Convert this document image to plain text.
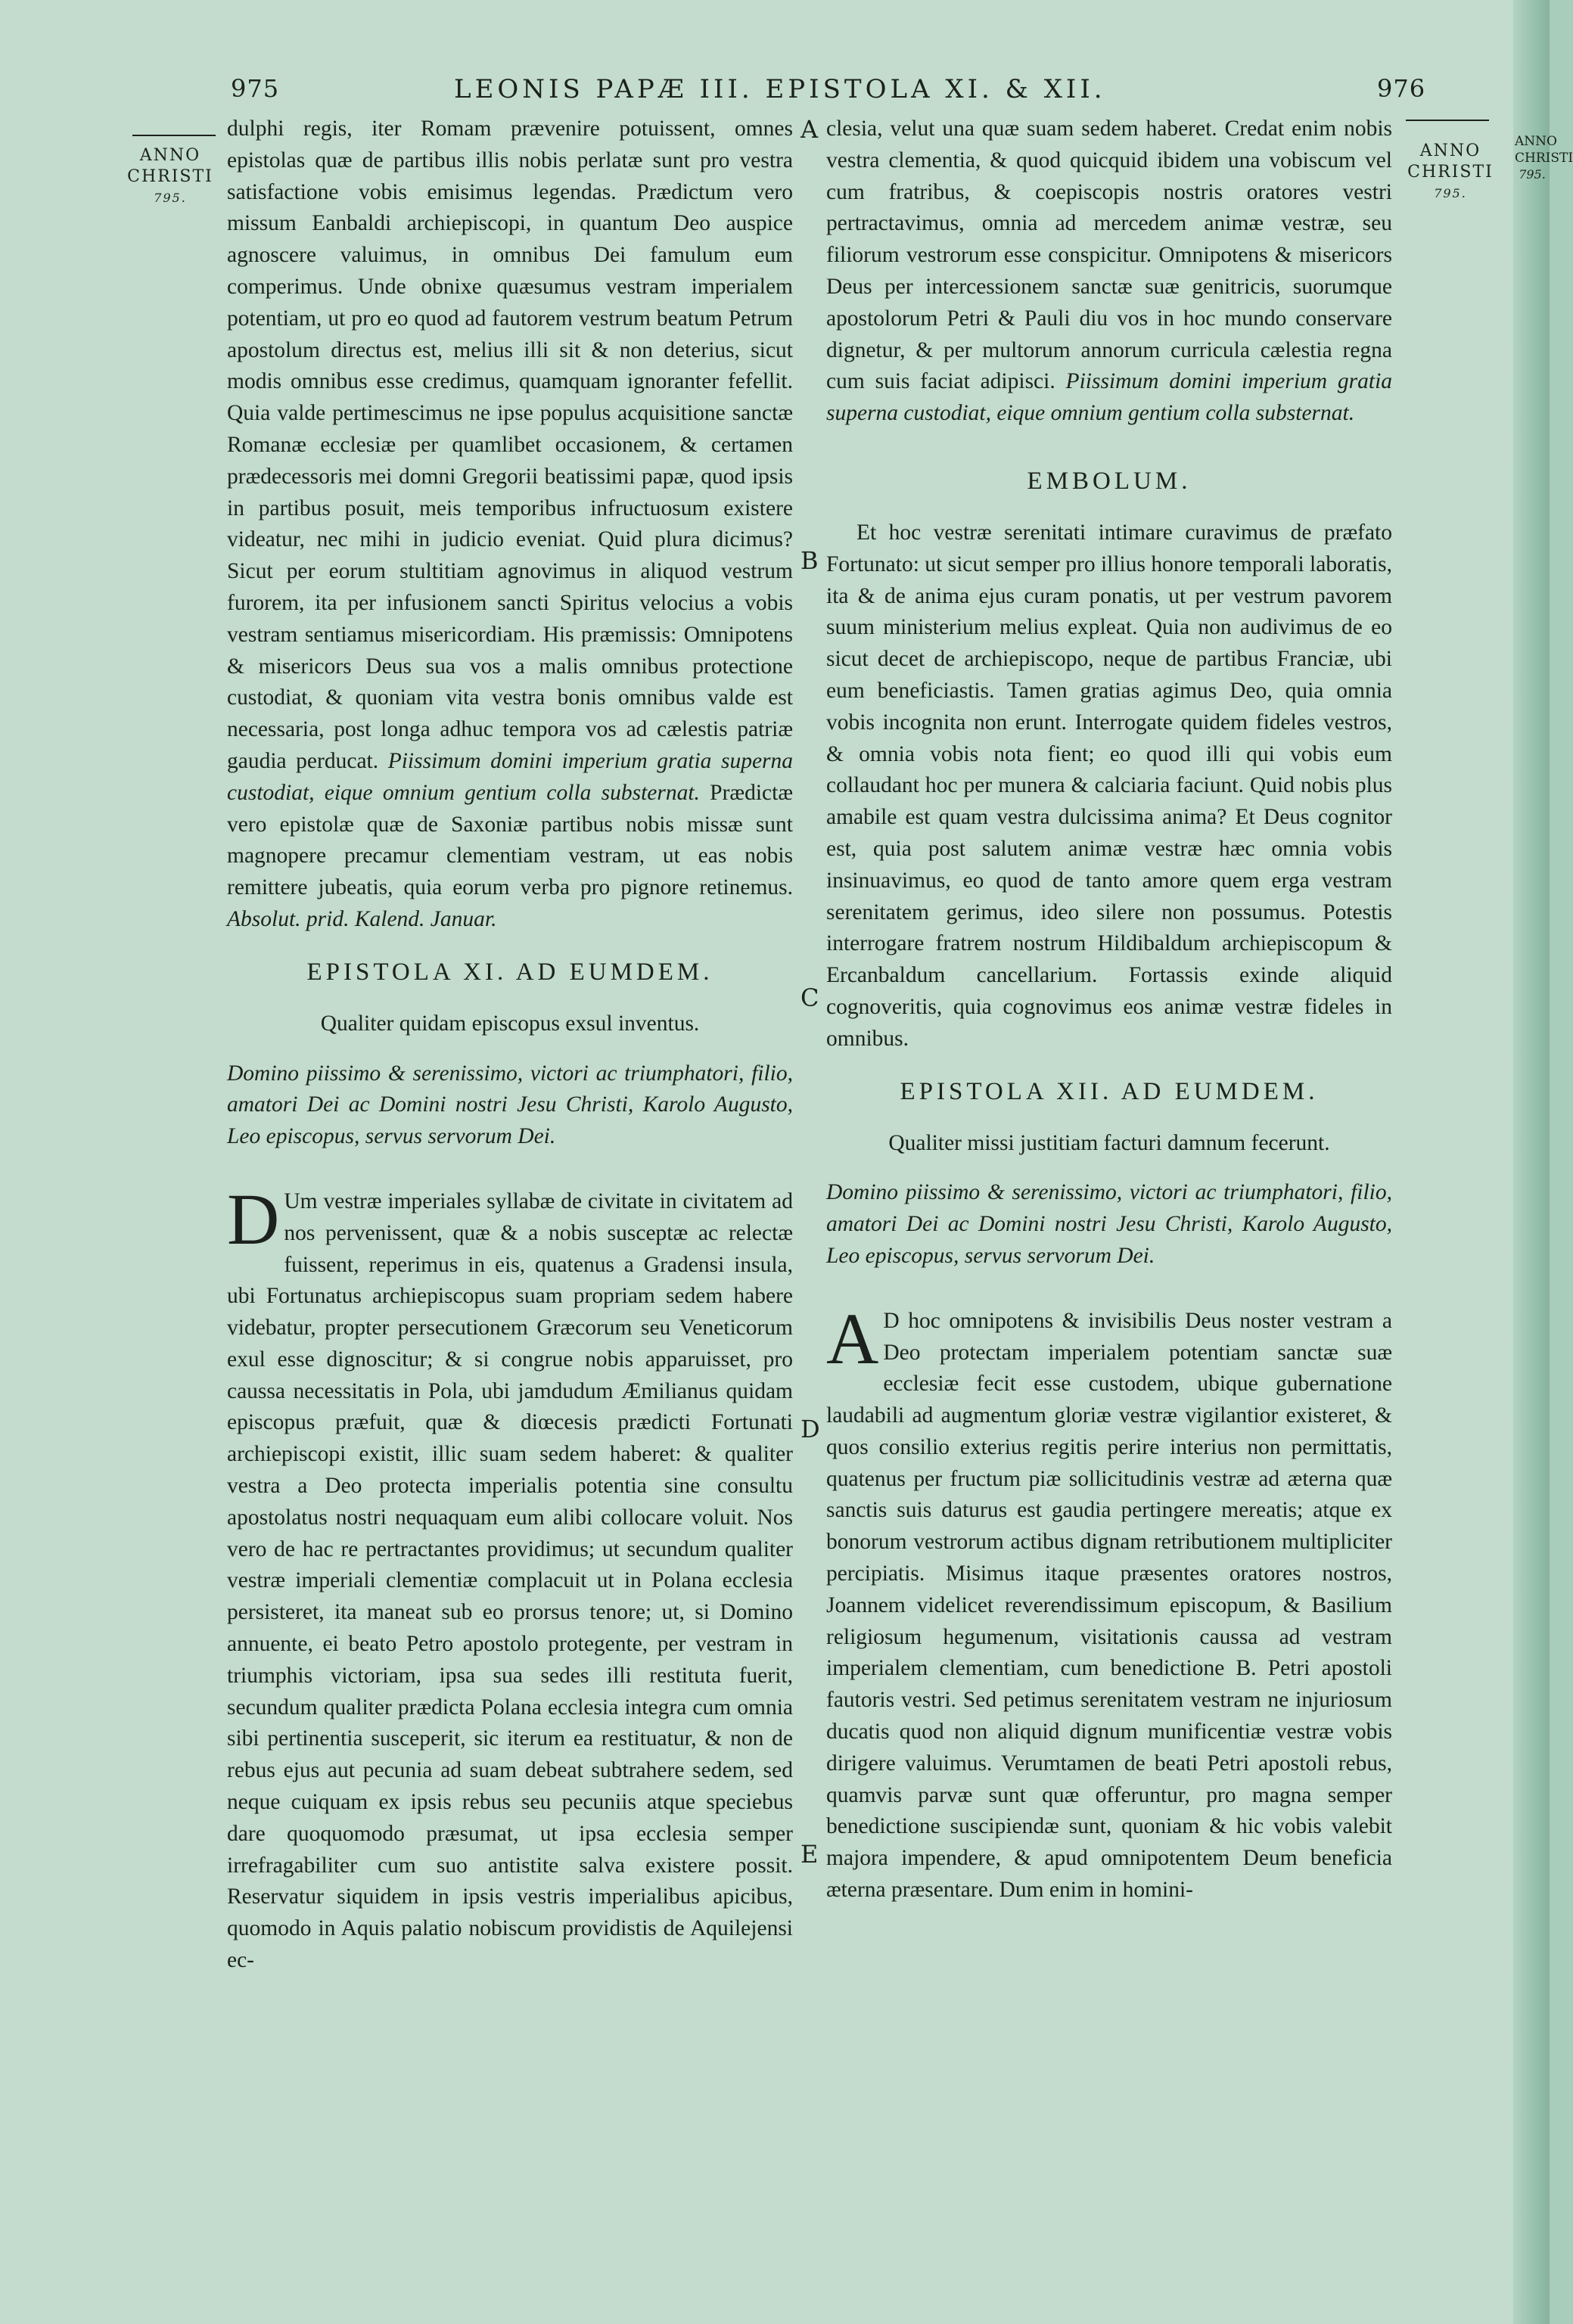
ANNO
CHRISTI
795.
975	LEONIS PAPÆ III. EPISTOLA XI. & XII.	976
ANNO
CHRISTI
795.
ANNO
CHRISTI
795.
A
B
C
D
E

dulphi regis, iter Romam prævenire potuissent, omnes epistolas quæ de partibus illis nobis perlatæ sunt pro vestra satisfactione vobis emisimus legendas. Prædictum vero missum Eanbaldi archiepiscopi, in quantum Deo auspice agnoscere valuimus, in omnibus Dei famulum eum comperimus. Unde obnixe quæsumus vestram imperialem potentiam, ut pro eo quod ad fautorem vestrum beatum Petrum apostolum directus est, melius illi sit & non deterius, sicut modis omnibus esse credimus, quamquam ignoranter fefellit. Quia valde pertimescimus ne ipse populus acquisitione sanctæ Romanæ ecclesiæ per quamlibet occasionem, & certamen prædecessoris mei domni Gregorii beatissimi papæ, quod ipsis in partibus posuit, meis temporibus infructuosum existere videatur, nec mihi in judicio eveniat. Quid plura dicimus? Sicut per eorum stultitiam agnovimus in aliquod vestrum furorem, ita per infusionem sancti Spiritus velocius a vobis vestram sentiamus misericordiam. His præmissis: Omnipotens & misericors Deus sua vos a malis omnibus protectione custodiat, & quoniam vita vestra bonis omnibus valde est necessaria, post longa adhuc tempora vos ad cælestis patriæ gaudia perducat. Piissimum domini imperium gratia superna custodiat, eique omnium gentium colla substernat. Prædictæ vero epistolæ quæ de Saxoniæ partibus nobis missæ sunt magnopere precamur clementiam vestram, ut eas nobis remittere jubeatis, quia eorum verba pro pignore retinemus. Absolut. prid. Kalend. Januar.

EPISTOLA XI. AD EUMDEM.

Qualiter quidam episcopus exsul inventus.

Domino piissimo & serenissimo, victori ac triumphatori, filio, amatori Dei ac Domini nostri Jesu Christi, Karolo Augusto, Leo episcopus, servus servorum Dei.

D Um vestræ imperiales syllabæ de civitate in civitatem ad nos pervenissent, quæ & a nobis susceptæ ac relectæ fuissent, reperimus in eis, quatenus a Gradensi insula, ubi Fortunatus archiepiscopus suam propriam sedem habere videbatur, propter persecutionem Græcorum seu Veneticorum exul esse dignoscitur; & si congrue nobis apparuisset, pro caussa necessitatis in Pola, ubi jamdudum Æmilianus quidam episcopus præfuit, quæ & diœcesis prædicti Fortunati archiepiscopi existit, illic suam sedem haberet: & qualiter vestra a Deo protecta imperialis potentia sine consultu apostolatus nostri nequaquam eum alibi collocare voluit. Nos vero de hac re pertractantes providimus; ut secundum qualiter vestræ imperiali clementiæ complacuit ut in Polana ecclesia persisteret, ita maneat sub eo prorsus tenore; ut, si Domino annuente, ei beato Petro apostolo protegente, per vestram in triumphis victoriam, ipsa sua sedes illi restituta fuerit, secundum qualiter prædicta Polana ecclesia integra cum omnia sibi pertinentia susceperit, sic iterum ea restituatur, & non de rebus ejus aut pecunia ad suam debeat subtrahere sedem, sed neque cuiquam ex ipsis rebus seu pecuniis atque speciebus dare quoquomodo præsumat, ut ipsa ecclesia semper irrefragabiliter cum suo antistite salva existere possit. Reservatur siquidem in ipsis vestris imperialibus apicibus, quomodo in Aquis palatio nobiscum providistis de Aquilejensi ec-

clesia, velut una quæ suam sedem haberet. Credat enim nobis vestra clementia, & quod quicquid ibidem una vobiscum vel cum fratribus, & coepiscopis nostris oratores vestri pertractavimus, omnia ad mercedem animæ vestræ, seu filiorum vestrorum esse conspicitur. Omnipotens & misericors Deus per intercessionem sanctæ suæ genitricis, suorumque apostolorum Petri & Pauli diu vos in hoc mundo conservare dignetur, & per multorum annorum curricula cælestia regna cum suis faciat adipisci. Piissimum domini imperium gratia superna custodiat, eique omnium gentium colla substernat.

EMBOLUM.

Et hoc vestræ serenitati intimare curavimus de præfato Fortunato: ut sicut semper pro illius honore temporali laboratis, ita & de anima ejus curam ponatis, ut per vestrum pavorem suum ministerium melius expleat. Quia non audivimus de eo sicut decet de archiepiscopo, neque de partibus Franciæ, ubi eum beneficiastis. Tamen gratias agimus Deo, quia omnia vobis incognita non erunt. Interrogate quidem fideles vestros, & omnia vobis nota fient; eo quod illi qui vobis eum collaudant hoc per munera & calciaria faciunt. Quid nobis plus amabile est quam vestra dulcissima anima? Et Deus cognitor est, quia post salutem animæ vestræ hæc omnia vobis insinuavimus, eo quod de tanto amore quem erga vestram serenitatem gerimus, ideo silere non possumus. Potestis interrogare fratrem nostrum Hildibaldum archiepiscopum & Ercanbaldum cancellarium. Fortassis exinde aliquid cognoveritis, quia cognovimus eos animæ vestræ fideles in omnibus.

EPISTOLA XII. AD EUMDEM.

Qualiter missi justitiam facturi damnum fecerunt.

Domino piissimo & serenissimo, victori ac triumphatori, filio, amatori Dei ac Domini nostri Jesu Christi, Karolo Augusto, Leo episcopus, servus servorum Dei.

A D hoc omnipotens & invisibilis Deus noster vestram a Deo protectam imperialem potentiam sanctæ suæ ecclesiæ fecit esse custodem, ubique gubernatione laudabili ad augmentum gloriæ vestræ vigilantior existeret, & quos consilio exterius regitis perire interius non permittatis, quatenus per fructum piæ sollicitudinis vestræ ad æterna quæ sanctis suis daturus est gaudia pertingere mereatis; atque ex bonorum vestrorum actibus dignam retributionem multipliciter percipiatis. Misimus itaque præsentes oratores nostros, Joannem videlicet reverendissimum episcopum, & Basilium religiosum hegumenum, visitationis caussa ad vestram imperialem clementiam, cum benedictione B. Petri apostoli fautoris vestri. Sed petimus serenitatem vestram ne injuriosum ducatis quod non aliquid dignum munificentiæ vestræ vobis dirigere valuimus. Verumtamen de beati Petri apostoli rebus, quamvis parvæ sunt quæ offeruntur, pro magna semper benedictione suscipiendæ sunt, quoniam & hic vobis valebit majora impendere, & apud omnipotentem Deum beneficia æterna præsentare. Dum enim in homini-
